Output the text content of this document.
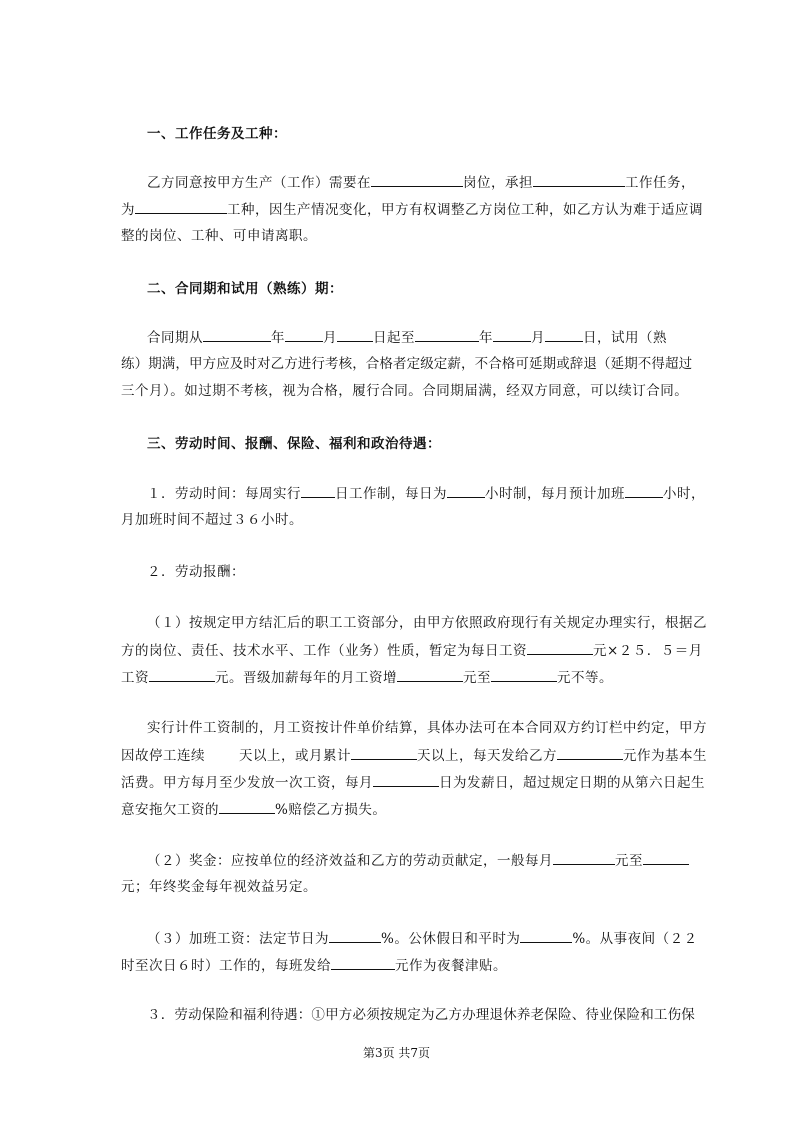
一、工作任务及工种：
乙方同意按甲方生产（工作）需要在	岗位，承担	工作任务，
为	工种，因生产情况变化，甲方有权调整乙方岗位工种，如乙方认为难于适应调
整的岗位、工种、可申请离职。
二、合同期和试用（熟练）期：
合同期从	年	月	日起至	年	月	日，试用（熟
练）期满，甲方应及时对乙方进行考核，合格者定级定薪，不合格可延期或辞退（延期不得超过
三个月）。如过期不考核，视为合格，履行合同。合同期届满，经双方同意，可以续订合同。
三、劳动时间、报酬、保险、福利和政治待遇：
１．劳动时间：每周实行	日工作制，每日为	小时制，每月预计加班	小时，
月加班时间不超过３６小时。
２．劳动报酬：
（１）按规定甲方结汇后的职工工资部分，由甲方依照政府现行有关规定办理实行，根据乙
方的岗位、责任、技术水平、工作（业务）性质，暂定为每日工资	元×２５．５＝月
工资	元。晋级加薪每年的月工资增	元至	元不等。
实行计件工资制的，月工资按计件单价结算，具体办法可在本合同双方约订栏中约定，甲方
因故停工连续	天以上，或月累计	天以上，每天发给乙方	元作为基本生
活费。甲方每月至少发放一次工资，每月	日为发薪日，超过规定日期的从第六日起生
意安拖欠工资的	%赔偿乙方损失。
（２）奖金：应按单位的经济效益和乙方的劳动贡献定，一般每月	元至
元；年终奖金每年视效益另定。
（３）加班工资：法定节日为	%。公休假日和平时为	%。从事夜间（２２
时至次日６时）工作的，每班发给	元作为夜餐津贴。
３．劳动保险和福利待遇：①甲方必须按规定为乙方办理退休养老保险、待业保险和工伤保
第3页 共7页
